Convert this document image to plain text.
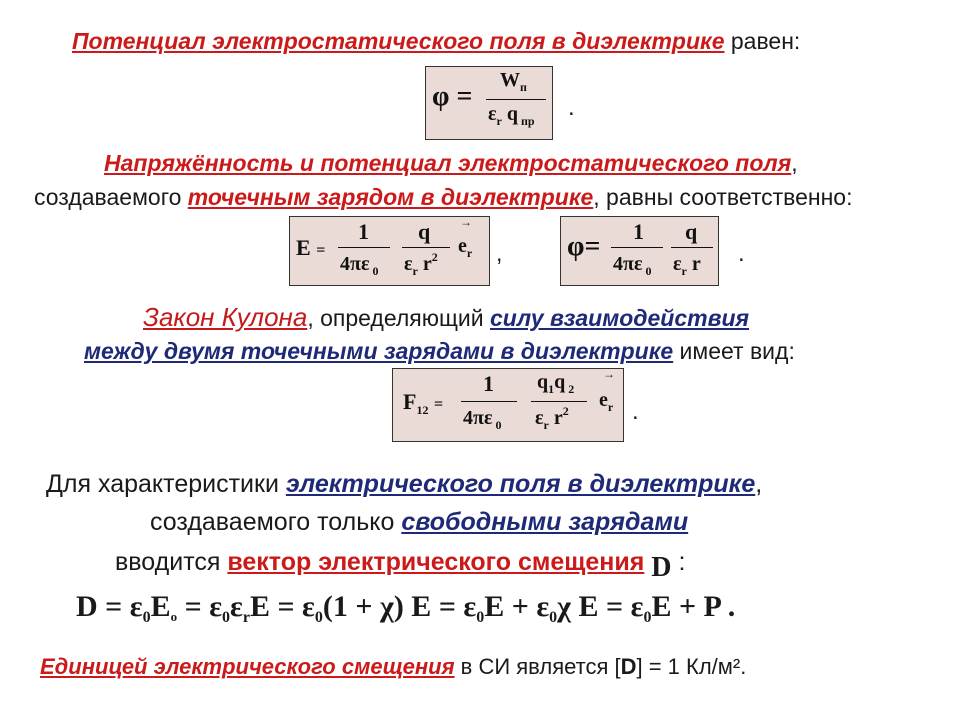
Потенциал электростатического поля в диэлектрике равен:
φ =
$W_п$
$\varepsilon_r$ q $_{пр}$ .
Напряжённость и потенциал электростатического поля,
создаваемого точечным зарядом в диэлектрике, равны соответственно:
E =
1
4πε $_0$
q
$\varepsilon_r$ $r^2$
→
$e_r$ , φ= 1
4πε $_0$
q
$\varepsilon_r$ r .
Закон Кулона, определяющий силу взаимодействия
между двумя точечными зарядами в диэлектрике имеет вид:
$F_{12}$ =
1
4πε $_0$
$q_1q$ $_2$
$\varepsilon_r$ $r^2$
→
$e_r$ .
Для характеристики электрического поля в диэлектрике,
создаваемого только свободными зарядами
вводится вектор электрического смещения D :
$D = \varepsilon_0Eo = \varepsilon_0\varepsilon_rE = \varepsilon_0(1 + \chi) E = \varepsilon_0E + \varepsilon_0\chi$ $E = \varepsilon_0E + P$ .
Единицей электрического смещения в СИ является [D] = 1 Кл/м².
